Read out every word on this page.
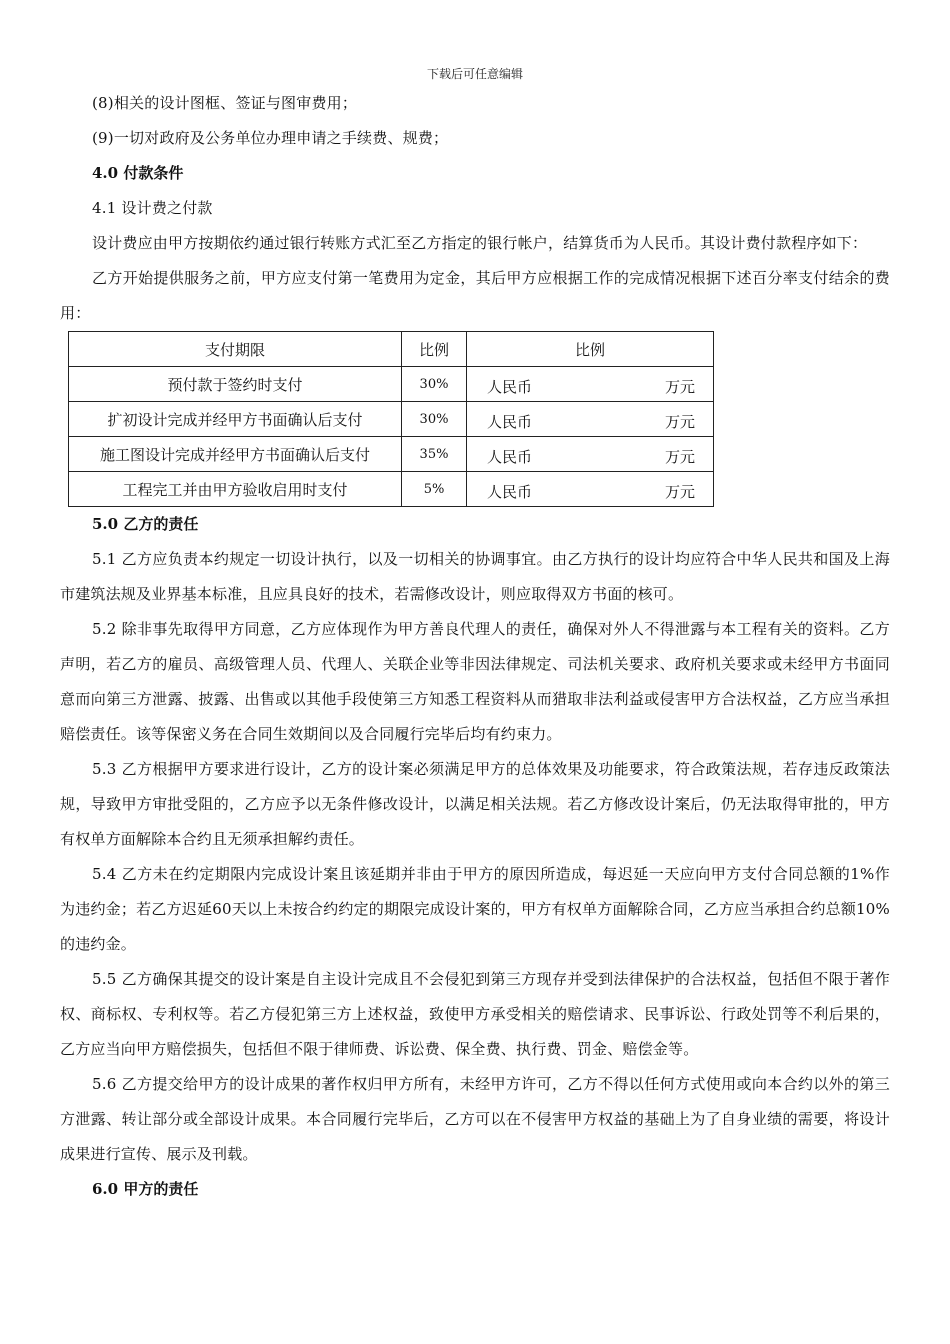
下载后可任意编辑

(8)相关的设计图框、签证与图审费用；

(9)一切对政府及公务单位办理申请之手续费、规费；

4.0 付款条件

4.1 设计费之付款

设计费应由甲方按期依约通过银行转账方式汇至乙方指定的银行帐户，结算货币为人民币。其设计费付款程序如下：

乙方开始提供服务之前，甲方应支付第一笔费用为定金，其后甲方应根据工作的完成情况根据下述百分率支付结余的费用：

支付期限	比例	比例
预付款于签约时支付	30%	人民币 万元

扩初设计完成并经甲方书面确认后支付	30%	人民币 万元

施工图设计完成并经甲方书面确认后支付	35%	人民币 万元

工程完工并由甲方验收启用时支付	5%	人民币 万元

5.0 乙方的责任

5.1 乙方应负责本约规定一切设计执行，以及一切相关的协调事宜。由乙方执行的设计均应符合中华人民共和国及上海市建筑法规及业界基本标准，且应具良好的技术，若需修改设计，则应取得双方书面的核可。

5.2 除非事先取得甲方同意，乙方应体现作为甲方善良代理人的责任，确保对外人不得泄露与本工程有关的资料。乙方声明，若乙方的雇员、高级管理人员、代理人、关联企业等非因法律规定、司法机关要求、政府机关要求或未经甲方书面同意而向第三方泄露、披露、出售或以其他手段使第三方知悉工程资料从而猎取非法利益或侵害甲方合法权益，乙方应当承担赔偿责任。该等保密义务在合同生效期间以及合同履行完毕后均有约束力。

5.3 乙方根据甲方要求进行设计，乙方的设计案必须满足甲方的总体效果及功能要求，符合政策法规，若存违反政策法规，导致甲方审批受阻的，乙方应予以无条件修改设计，以满足相关法规。若乙方修改设计案后，仍无法取得审批的，甲方有权单方面解除本合约且无须承担解约责任。

5.4 乙方未在约定期限内完成设计案且该延期并非由于甲方的原因所造成，每迟延一天应向甲方支付合同总额的1%作为违约金；若乙方迟延60天以上未按合约约定的期限完成设计案的，甲方有权单方面解除合同，乙方应当承担合约总额10%的违约金。

5.5 乙方确保其提交的设计案是自主设计完成且不会侵犯到第三方现存并受到法律保护的合法权益，包括但不限于著作权、商标权、专利权等。若乙方侵犯第三方上述权益，致使甲方承受相关的赔偿请求、民事诉讼、行政处罚等不利后果的，乙方应当向甲方赔偿损失，包括但不限于律师费、诉讼费、保全费、执行费、罚金、赔偿金等。

5.6 乙方提交给甲方的设计成果的著作权归甲方所有，未经甲方许可，乙方不得以任何方式使用或向本合约以外的第三方泄露、转让部分或全部设计成果。本合同履行完毕后，乙方可以在不侵害甲方权益的基础上为了自身业绩的需要，将设计成果进行宣传、展示及刊载。

6.0 甲方的责任
